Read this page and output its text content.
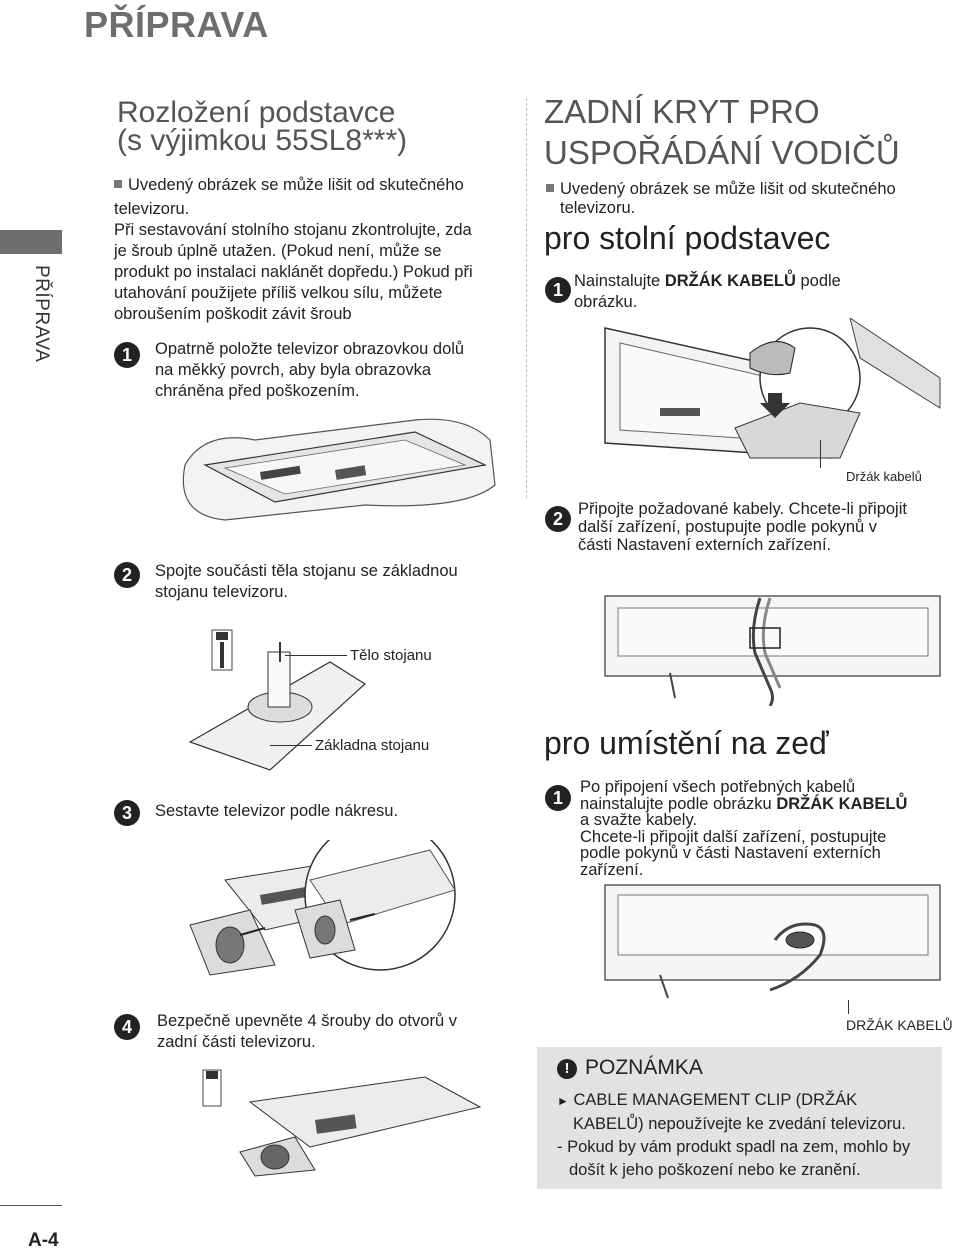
PŘÍPRAVA
PŘÍPRAVA
Rozložení podstavce
(s výjimkou 55SL8***)
Uvedený obrázek se může lišit od skutečného
televizoru.
Při sestavování stolního stojanu zkontrolujte, zda
je šroub úplně utažen. (Pokud není, může se
produkt po instalaci naklánět dopředu.) Pokud při
utahování použijete příliš velkou sílu, můžete
obroušením poškodit závit šroub
1	Opatrně položte televizor obrazovkou dolů
na měkký povrch, aby byla obrazovka
chráněna před poškozením.
2	Spojte součásti těla stojanu se základnou
stojanu televizoru.
Tělo stojanu
Základna stojanu
3	Sestavte televizor podle nákresu.
4	Bezpečně upevněte 4 šrouby do otvorů v
zadní části televizoru.
ZADNÍ KRYT PRO
USPOŘÁDÁNÍ VODIČŮ
Uvedený obrázek se může lišit od skutečného
televizoru.
pro stolní podstavec
1 Nainstalujte DRŽÁK KABELŮ podle
obrázku.
Držák kabelů
2 Připojte požadované kabely. Chcete-li připojit
další zařízení, postupujte podle pokynů v
části Nastavení externích zařízení.
pro umístění na zeď
1
Po připojení všech potřebných kabelů
nainstalujte podle obrázku DRŽÁK KABELŮ
a svažte kabely.
Chcete-li připojit další zařízení, postupujte
podle pokynů v části Nastavení externích
zařízení.
DRŽÁK KABELŮ
! POZNÁMKA
► CABLE MANAGEMENT CLIP (DRŽÁK
KABELŮ) nepoužívejte ke zvedání televizoru.
- Pokud by vám produkt spadl na zem, mohlo by
došít k jeho poškození nebo ke zranění.
A-4
